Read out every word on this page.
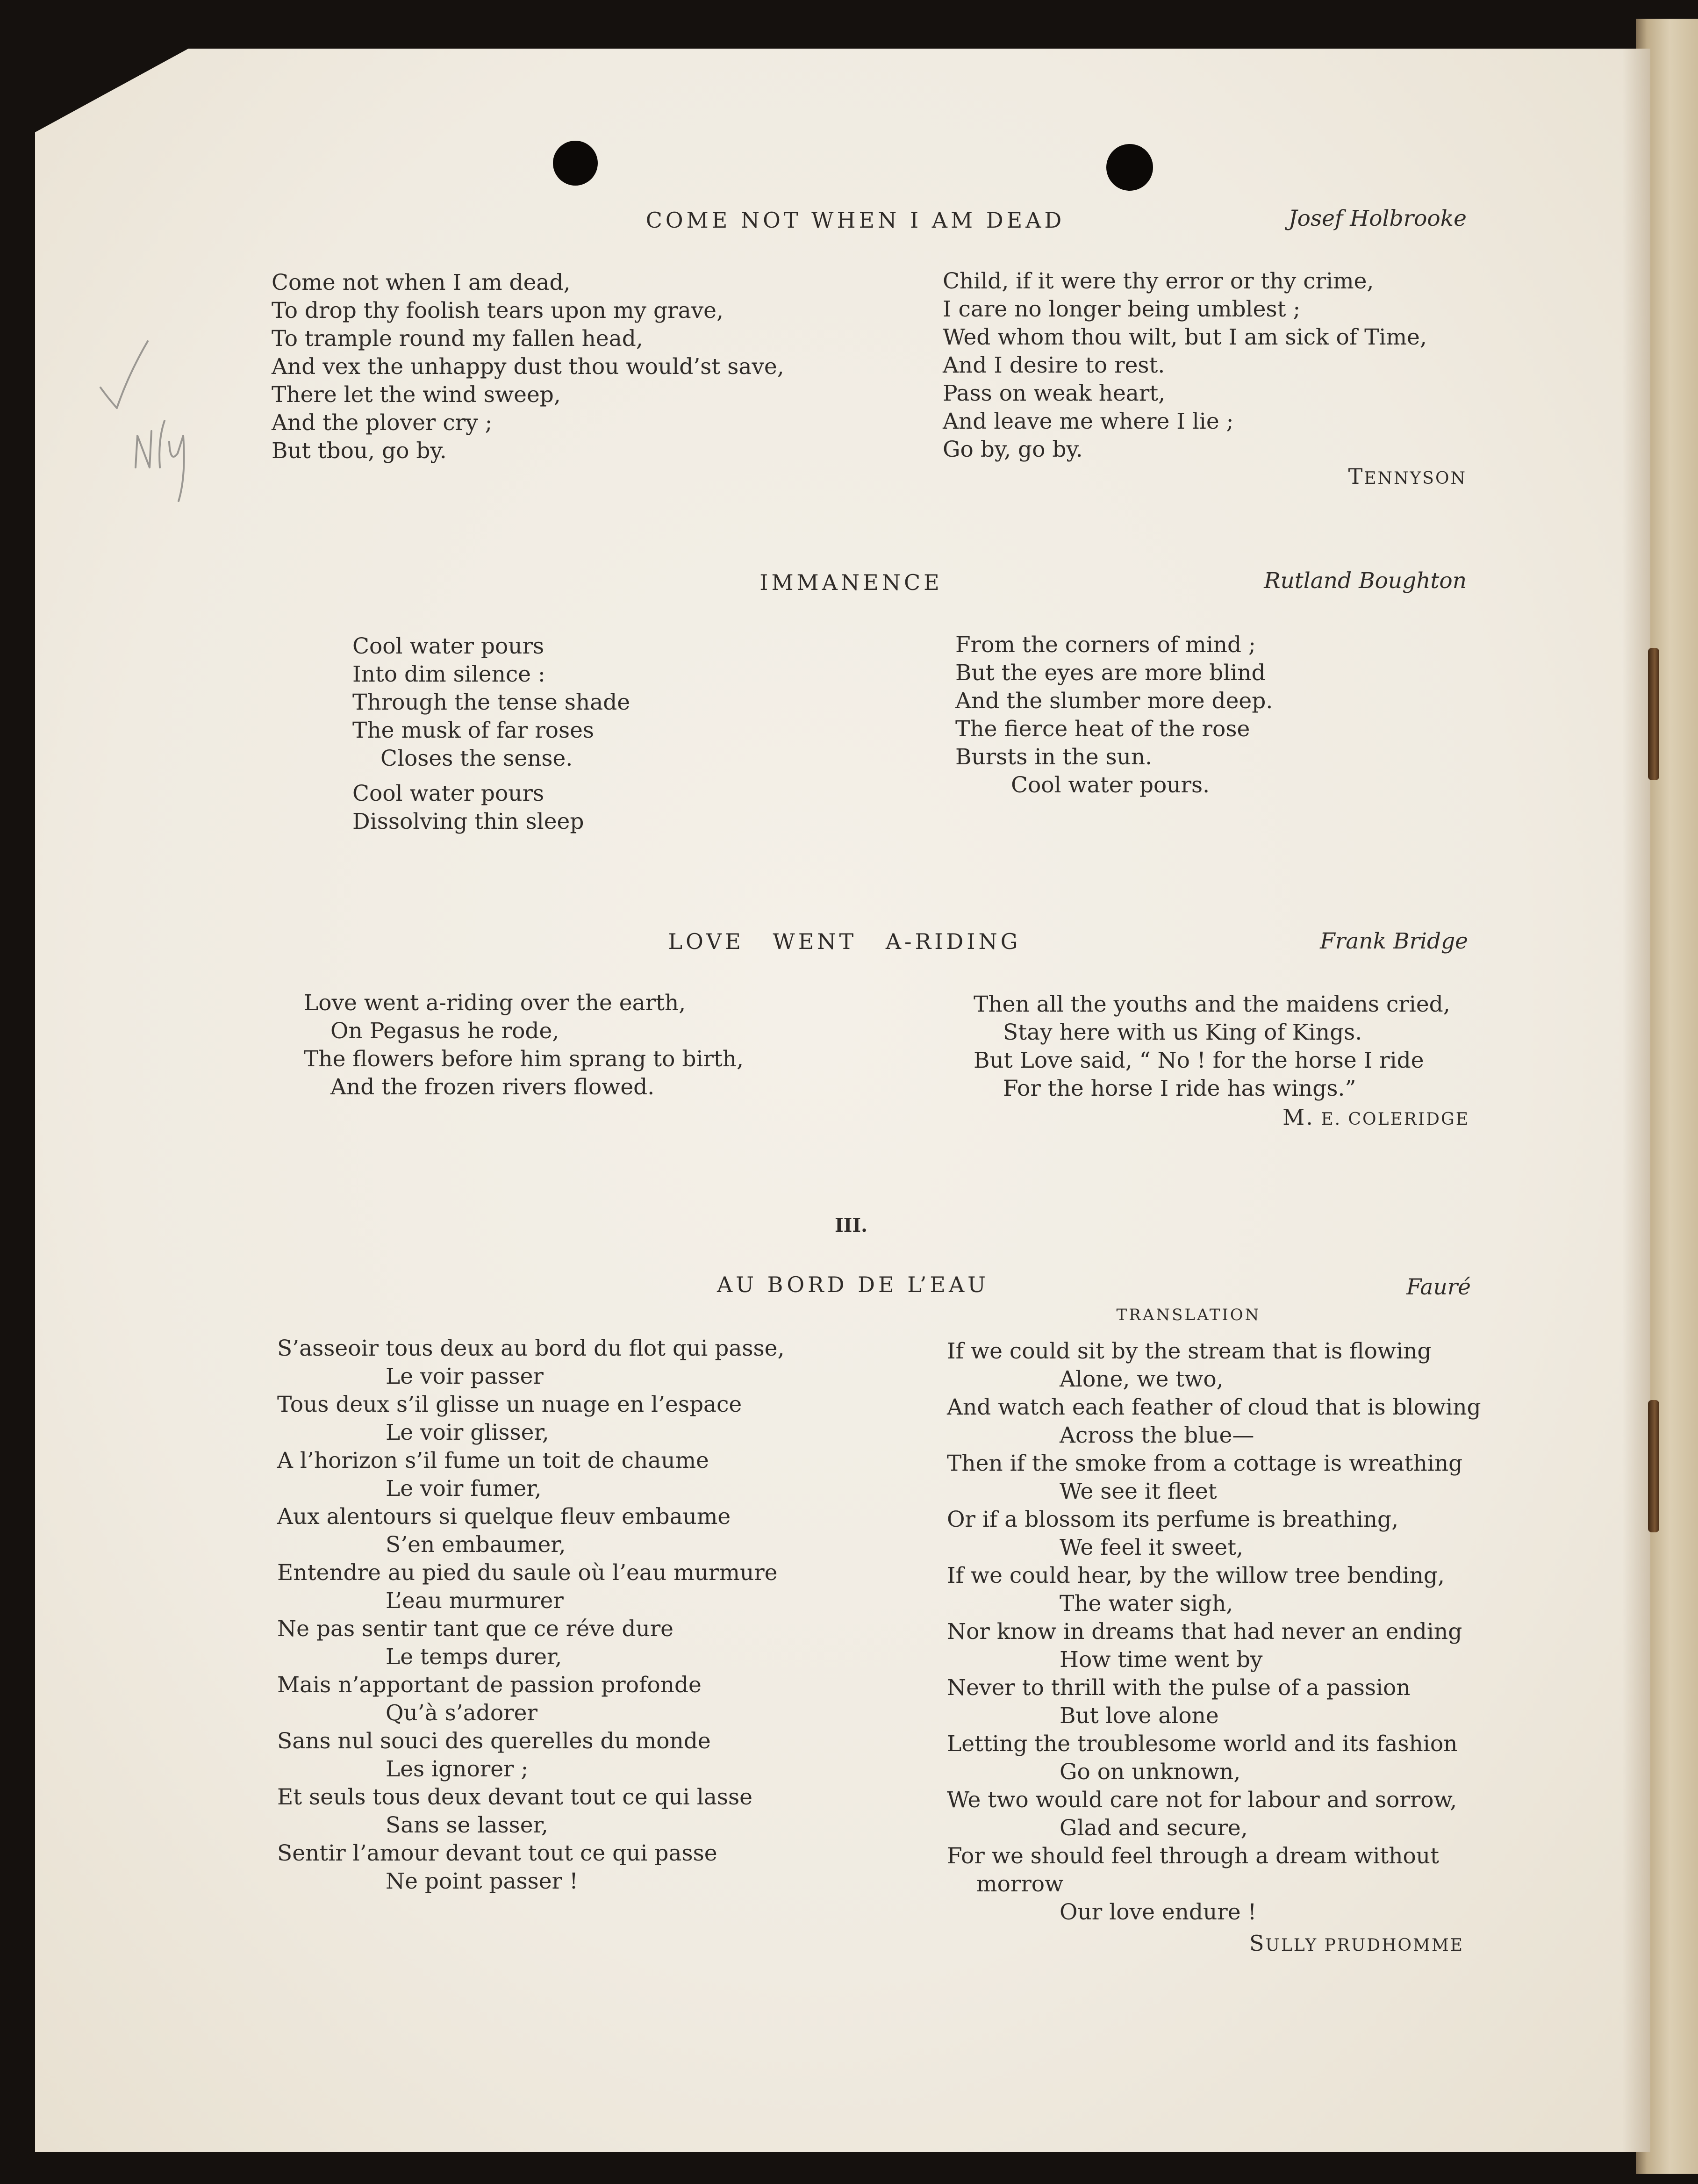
COME NOT WHEN I AM DEAD	Josef Holbrooke
Come not when I am dead,
To drop thy foolish tears upon my grave,
To trample round my fallen head,
And vex the unhappy dust thou would’st save,
There let the wind sweep,
And the plover cry ;
But tbou, go by.
Child, if it were thy error or thy crime,
I care no longer being umblest ;
Wed whom thou wilt, but I am sick of Time,
And I desire to rest.
Pass on weak heart,
And leave me where I lie ;
Go by, go by.
TENNYSON
IMMANENCE	Rutland Boughton
Cool water pours
Into dim silence :
Through the tense shade
The musk of far roses
Closes the sense.
Cool water pours
Dissolving thin sleep
From the corners of mind ;
But the eyes are more blind
And the slumber more deep.
The fierce heat of the rose
Bursts in the sun.
Cool water pours.
LOVE WENT A-RIDING	Frank Bridge
Love went a-riding over the earth,
On Pegasus he rode,
The flowers before him sprang to birth,
And the frozen rivers flowed.
Then all the youths and the maidens cried,
Stay here with us King of Kings.
But Love said, “ No ! for the horse I ride
For the horse I ride has wings.”
M. E. COLERIDGE
III.
AU BORD DE L’EAU	Fauré
TRANSLATION
S’asseoir tous deux au bord du flot qui passe,
Le voir passer
Tous deux s’il glisse un nuage en l’espace
Le voir glisser,
A l’horizon s’il fume un toit de chaume
Le voir fumer,
Aux alentours si quelque fleuv embaume
S’en embaumer,
Entendre au pied du saule où l’eau murmure
L’eau murmurer
Ne pas sentir tant que ce réve dure
Le temps durer,
Mais n’apportant de passion profonde
Qu’à s’adorer
Sans nul souci des querelles du monde
Les ignorer ;
Et seuls tous deux devant tout ce qui lasse
Sans se lasser,
Sentir l’amour devant tout ce qui passe
Ne point passer !
If we could sit by the stream that is flowing
Alone, we two,
And watch each feather of cloud that is blowing
Across the blue—
Then if the smoke from a cottage is wreathing
We see it fleet
Or if a blossom its perfume is breathing,
We feel it sweet,
If we could hear, by the willow tree bending,
The water sigh,
Nor know in dreams that had never an ending
How time went by
Never to thrill with the pulse of a passion
But love alone
Letting the troublesome world and its fashion
Go on unknown,
We two would care not for labour and sorrow,
Glad and secure,
For we should feel through a dream without
morrow
Our love endure !
SULLY PRUDHOMME
